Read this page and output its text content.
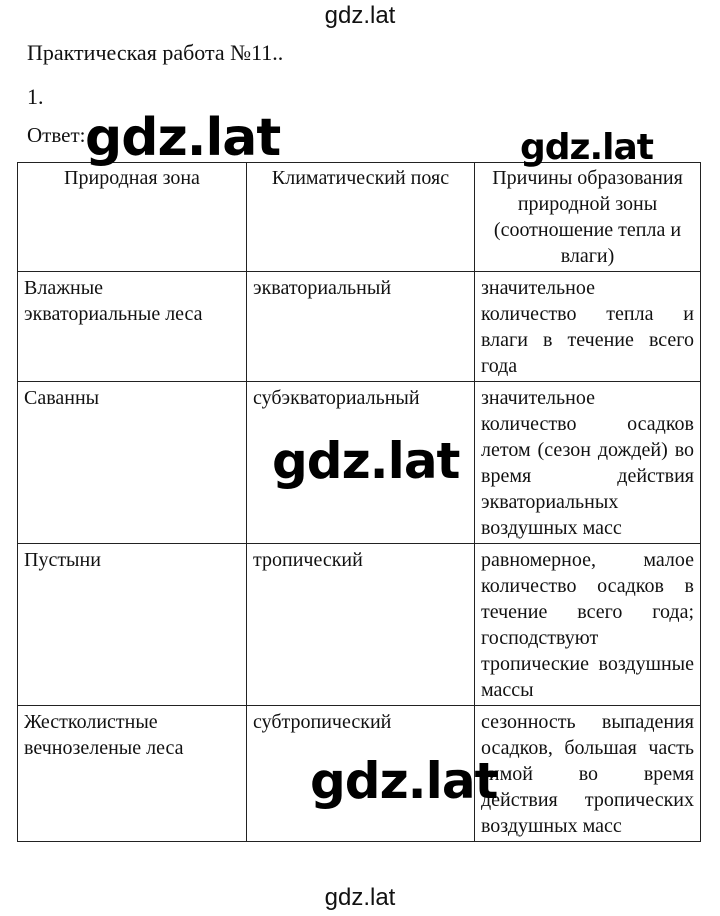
gdz.lat
Практическая работа №11..
1.
Ответ: gdz.lat	gdz.lat
gdz.lat
gdz.lat
Природная зона	Климатический пояс	Причины образования природной зоны (соотношение тепла и влаги)
Влажные экваториальные леса	экваториальный	значительное количество тепла и влаги в течение всего года
Саванны	субэкваториальный	значительное количество осадков летом (сезон дождей) во время действия экваториальных воздушных масс
Пустыни	тропический	равномерное, малое количество осадков в течение всего года; господствуют тропические воздушные массы
Жестколистные вечнозеленые леса	субтропический	сезонность выпадения осадков, большая часть зимой во время действия тропических воздушных масс
gdz.lat
